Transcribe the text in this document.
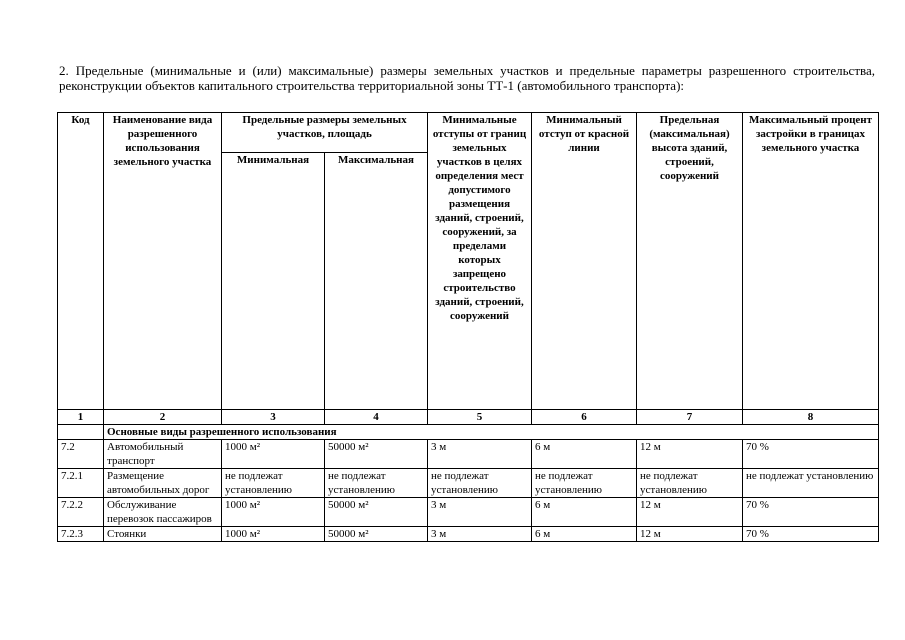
2. Предельные (минимальные и (или) максимальные) размеры земельных участков и предельные параметры разрешенного строительства, реконструкции объектов капитального строительства территориальной зоны ТТ-1 (автомобильного транспорта):
Код	Наименование вида разрешенного использования земельного участка	Предельные размеры земельных участков, площадь		Минимальные отступы от границ земельных участков в целях определения мест допустимого размещения зданий, строений, сооружений, за пределами которых запрещено строительство зданий, строений, сооружений	Минимальный отступ от красной линии	Предельная (максимальная) высота зданий, строений, сооружений	Максимальный процент застройки в границах земельного участка
		Минимальная	Максимальная				
1	2	3	4	5	6	7	8
	Основные виды разрешенного использования						
7.2	Автомобильный транспорт	1000 м²	50000 м²	3 м	6 м	12 м	70 %
7.2.1	Размещение автомобильных дорог	не подлежат установлению	не подлежат установлению	не подлежат установлению	не подлежат установлению	не подлежат установлению	не подлежат установлению
7.2.2	Обслуживание перевозок пассажиров	1000 м²	50000 м²	3 м	6 м	12 м	70 %
7.2.3	Стоянки	1000 м²	50000 м²	3 м	6 м	12 м	70 %
